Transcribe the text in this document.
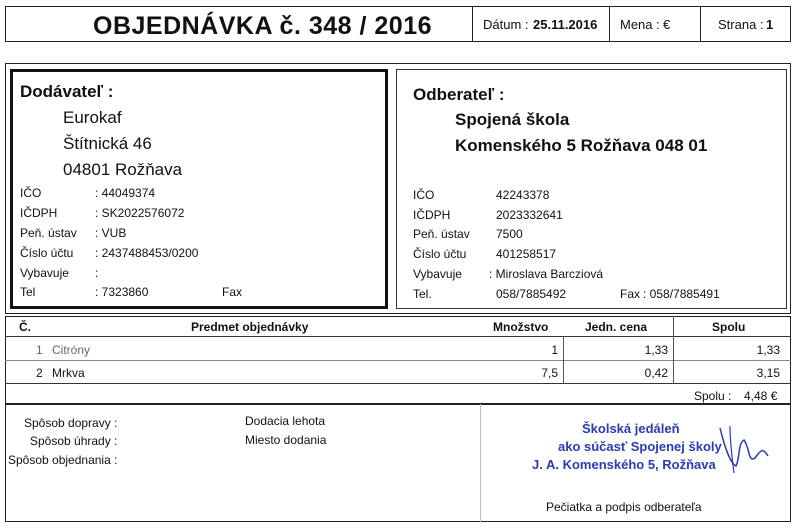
OBJEDNÁVKA č. 348 / 2016	Dátum : 25.11.2016 Mena : €	Strana : 1
Dodávateľ :
Eurokaf
Štítnická 46
04801 Rožňava
IČO	: 44049374
IČDPH	: SK2022576072
Peň. ústav : VUB
Číslo účtu : 2437488453/0200
Vybavuje :
Tel	: 7323860	Fax
Odberateľ :
Spojená škola
Komenského 5 Rožňava 048 01
IČO	42243378
IČDPH	2023332641
Peň. ústav 7500
Číslo účtu 401258517
Vybavuje : Miroslava Barcziová
Tel.	058/7885492	Fax : 058/7885491
Č.	Predmet objednávky	Množstvo	Jedn. cena	Spolu
1 Citróny	1	1,33	1,33
2 Mrkva	7,5	0,42	3,15
Spolu : 4,48 €
Spôsob dopravy :
Spôsob úhrady :
Spôsob objednania :
Dodacia lehota
Miesto dodania
Školská jedáleň
ako súčasť Spojenej školy
J. A. Komenského 5, Rožňava
Pečiatka a podpis odberateľa
